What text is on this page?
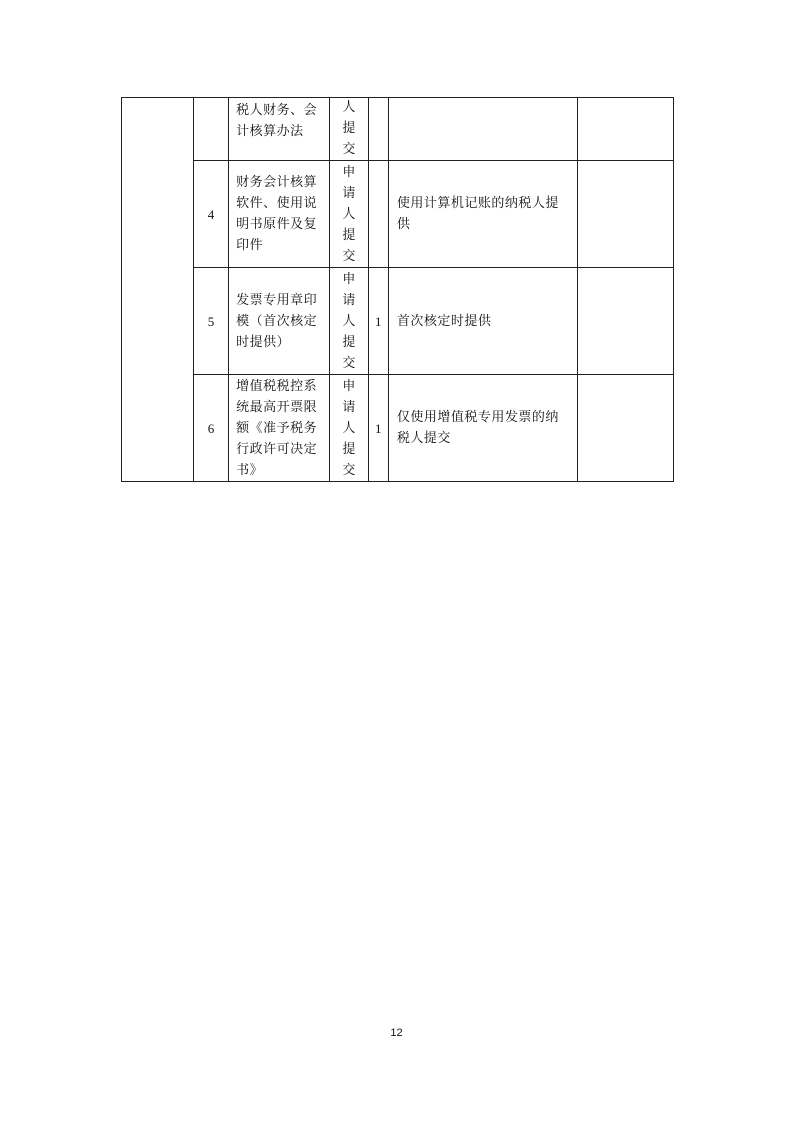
		税人财务、会计核算办法	人提交			

	4	财务会计核算软件、使用说明书原件及复印件	申请人提交		使用计算机记账的纳税人提供	
	5	发票专用章印模（首次核定时提供）	申请人提交	1	首次核定时提供	
	6	增值税税控系统最高开票限额《准予税务行政许可决定书》	申请人提交	1	仅使用增值税专用发票的纳税人提交	
12
